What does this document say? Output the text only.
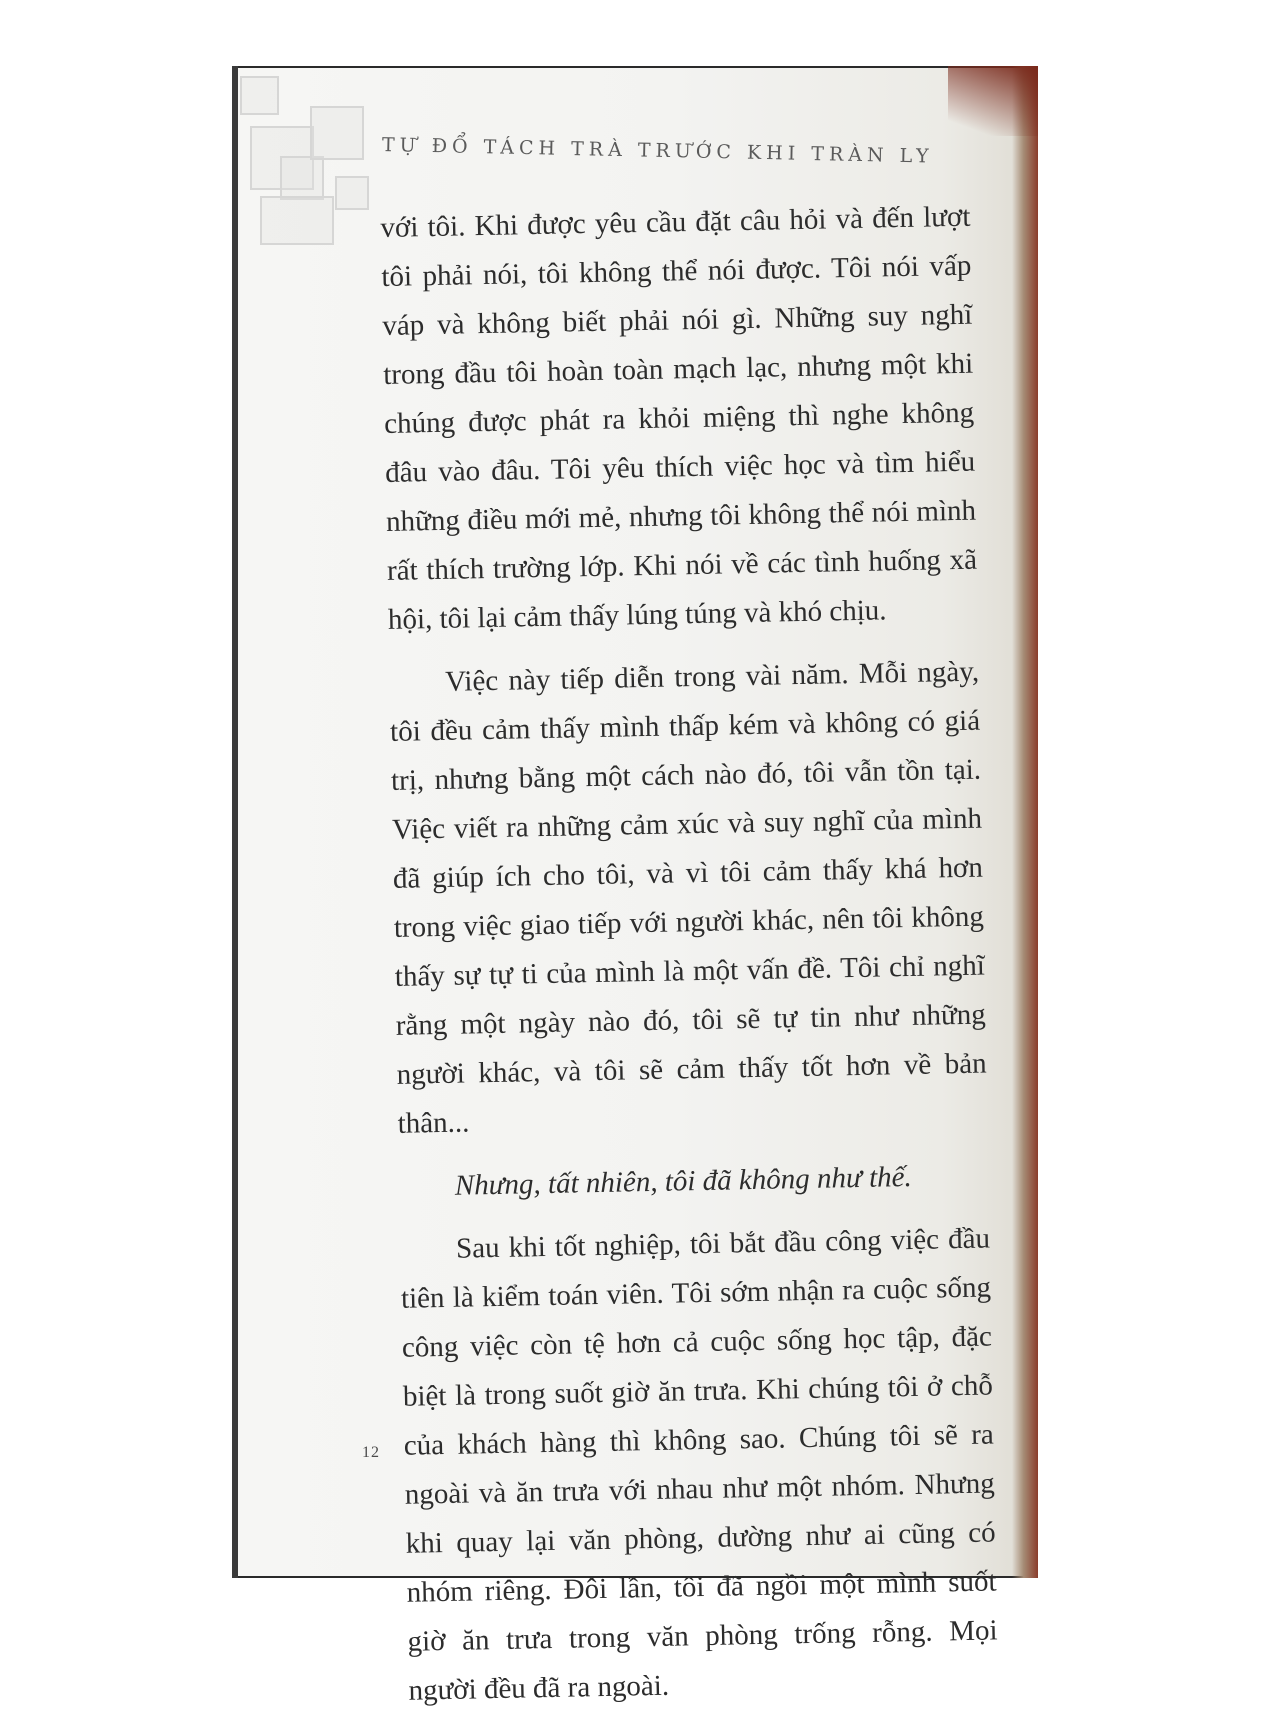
TỰ ĐỔ TÁCH TRÀ TRƯỚC KHI TRÀN LY

với tôi. Khi được yêu cầu đặt câu hỏi và đến lượt tôi phải nói, tôi không thể nói được. Tôi nói vấp váp và không biết phải nói gì. Những suy nghĩ trong đầu tôi hoàn toàn mạch lạc, nhưng một khi chúng được phát ra khỏi miệng thì nghe không đâu vào đâu. Tôi yêu thích việc học và tìm hiểu những điều mới mẻ, nhưng tôi không thể nói mình rất thích trường lớp. Khi nói về các tình huống xã hội, tôi lại cảm thấy lúng túng và khó chịu.

Việc này tiếp diễn trong vài năm. Mỗi ngày, tôi đều cảm thấy mình thấp kém và không có giá trị, nhưng bằng một cách nào đó, tôi vẫn tồn tại. Việc viết ra những cảm xúc và suy nghĩ của mình đã giúp ích cho tôi, và vì tôi cảm thấy khá hơn trong việc giao tiếp với người khác, nên tôi không thấy sự tự ti của mình là một vấn đề. Tôi chỉ nghĩ rằng một ngày nào đó, tôi sẽ tự tin như những người khác, và tôi sẽ cảm thấy tốt hơn về bản thân...

Nhưng, tất nhiên, tôi đã không như thế.

Sau khi tốt nghiệp, tôi bắt đầu công việc đầu tiên là kiểm toán viên. Tôi sớm nhận ra cuộc sống công việc còn tệ hơn cả cuộc sống học tập, đặc biệt là trong suốt giờ ăn trưa. Khi chúng tôi ở chỗ của khách hàng thì không sao. Chúng tôi sẽ ra ngoài và ăn trưa với nhau như một nhóm. Nhưng khi quay lại văn phòng, dường như ai cũng có nhóm riêng. Đôi lần, tôi đã ngồi một mình suốt giờ ăn trưa trong văn phòng trống rỗng. Mọi người đều đã ra ngoài.

12
